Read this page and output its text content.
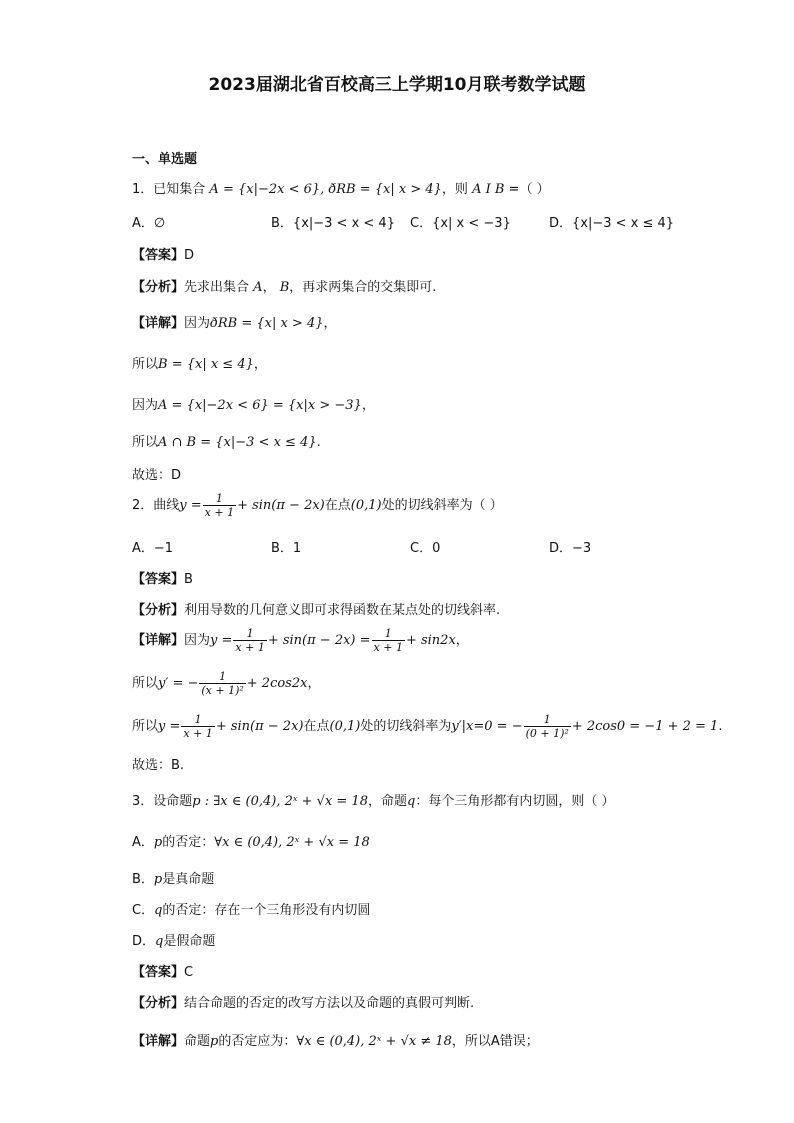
2023届湖北省百校高三上学期10月联考数学试题
一、单选题
1．已知集合 A = {x|−2x < 6}, ðRB = {x| x > 4}，则 A I B =（ ）
A．∅	B．{x|−3 < x < 4} C．{x| x < −3}	D．{x|−3 < x ≤ 4}
【答案】D
【分析】先求出集合 A， B，再求两集合的交集即可.
【详解】因为ðRB = {x| x > 4}，
所以B = {x| x ≤ 4}，
因为A = {x|−2x < 6} = {x|x > −3}，
所以A ∩ B = {x|−3 < x ≤ 4}.
故选：D
2．曲线$y = \frac{1}{x + 1} + \sin(\pi - 2x)$在点(0,1)处的切线斜率为（ ）
A．−1	B．1	C．0	D．−3
【答案】B
【分析】利用导数的几何意义即可求得函数在某点处的切线斜率.
【详解】因为$y = \frac{1}{x + 1} + \sin(\pi - 2x) = \frac{1}{x + 1} + \sin 2x$，
所以y′ = − $\frac{1}{\text{(x + 1)²}} + 2\cos 2x$，
所以$y = \frac{1}{x + 1} + \sin(\pi - 2x)$在点(0,1)处的切线斜率为y′|x=0 = − $\frac{1}{\text{(0 + 1)²}} + 2\cos 0 = -1 + 2 = 1$.
故选：B.
3．设命题p : ∃x ∈ (0,4), 2ˣ + √x = 18，命题q：每个三角形都有内切圆，则（ ）
A．p的否定：∀x ∈ (0,4), 2ˣ + √x = 18
B．p是真命题
C．q的否定：存在一个三角形没有内切圆
D．q是假命题
【答案】C
【分析】结合命题的否定的改写方法以及命题的真假可判断.
【详解】命题p的否定应为：∀x ∈ (0,4), 2ˣ + √x ≠ 18，所以A错误；
